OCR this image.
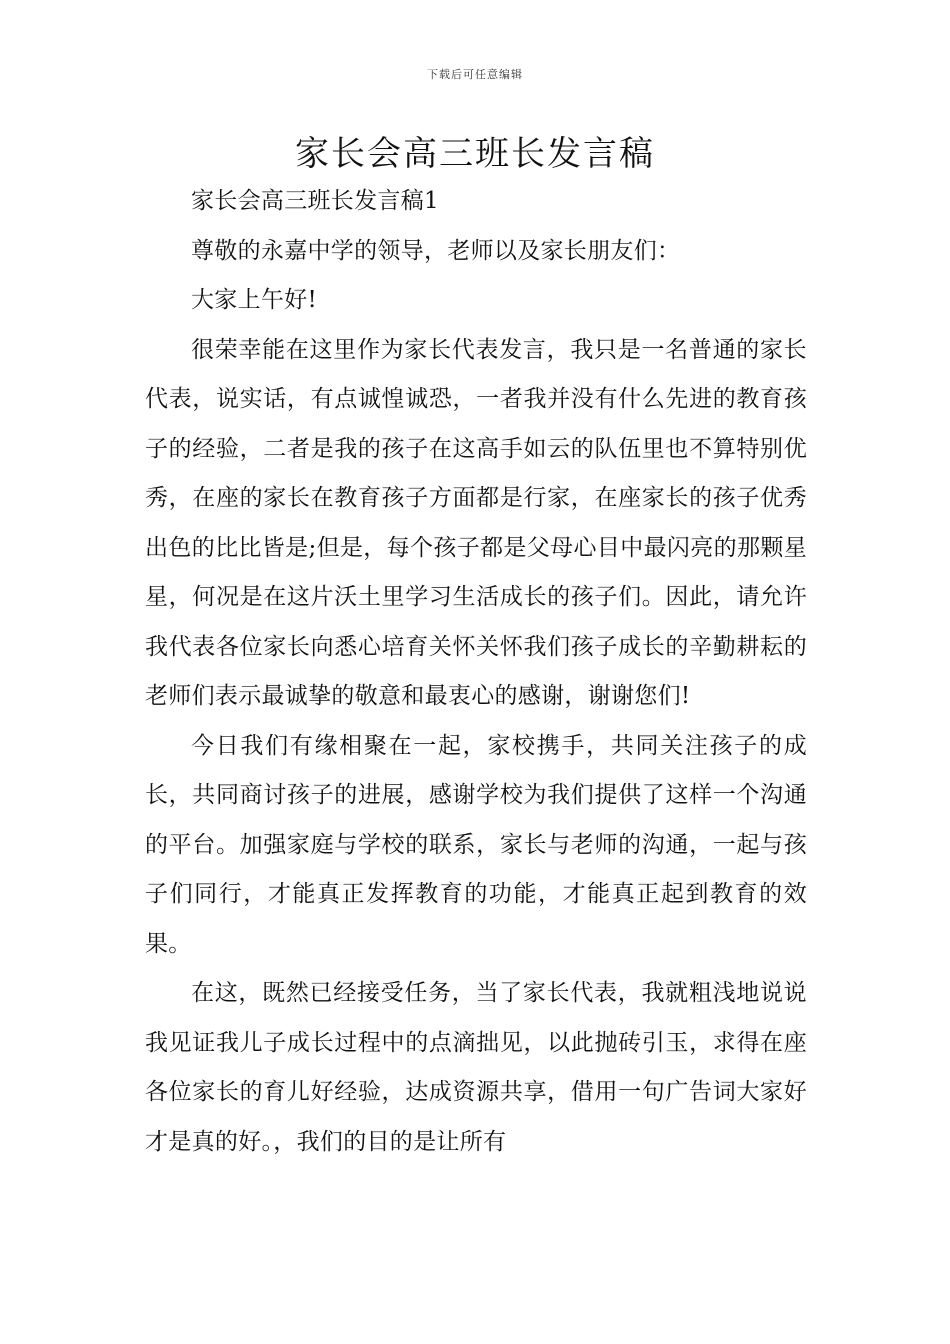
下载后可任意编辑
家长会高三班长发言稿

家长会高三班长发言稿1

尊敬的永嘉中学的领导，老师以及家长朋友们：

大家上午好!

很荣幸能在这里作为家长代表发言，我只是一名普通的家长代表，说实话，有点诚惶诚恐，一者我并没有什么先进的教育孩子的经验，二者是我的孩子在这高手如云的队伍里也不算特别优秀，在座的家长在教育孩子方面都是行家，在座家长的孩子优秀出色的比比皆是;但是，每个孩子都是父母心目中最闪亮的那颗星星，何况是在这片沃土里学习生活成长的孩子们。因此，请允许我代表各位家长向悉心培育关怀关怀我们孩子成长的辛勤耕耘的老师们表示最诚挚的敬意和最衷心的感谢，谢谢您们!

今日我们有缘相聚在一起，家校携手，共同关注孩子的成长，共同商讨孩子的进展，感谢学校为我们提供了这样一个沟通的平台。加强家庭与学校的联系，家长与老师的沟通，一起与孩子们同行，才能真正发挥教育的功能，才能真正起到教育的效果。

在这，既然已经接受任务，当了家长代表，我就粗浅地说说我见证我儿子成长过程中的点滴拙见，以此抛砖引玉，求得在座各位家长的育儿好经验，达成资源共享，借用一句广告词大家好才是真的好。，我们的目的是让所有
